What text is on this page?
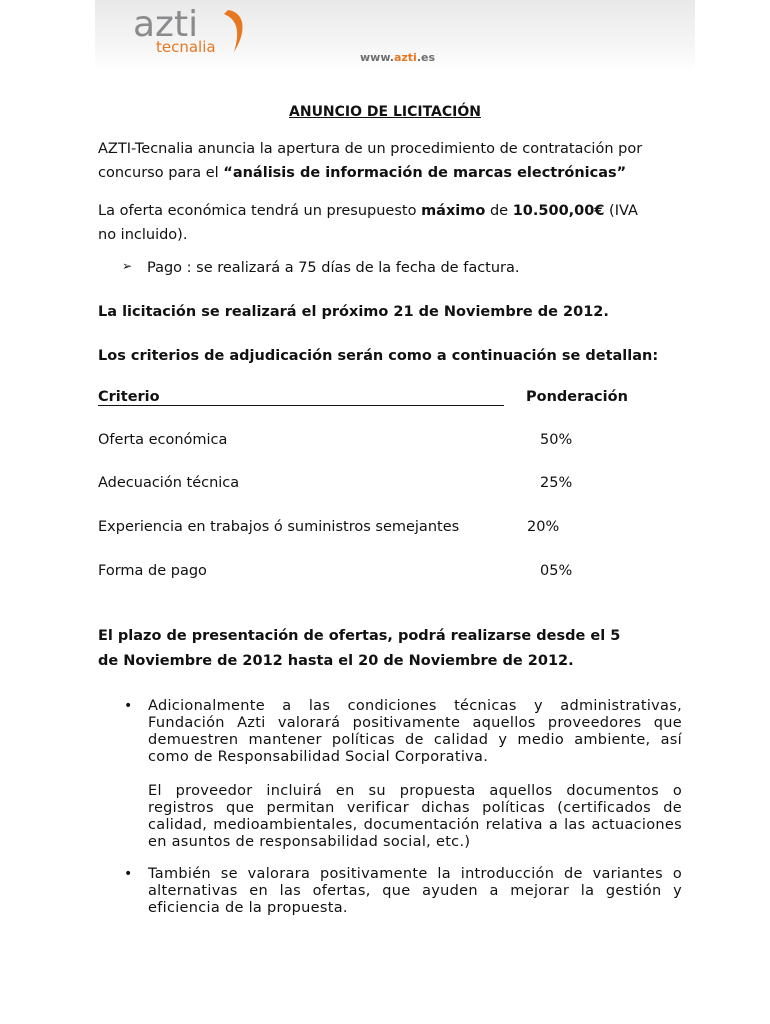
azti
tecnalia
www.azti.es
ANUNCIO DE LICITACIÓN
AZTI-Tecnalia anuncia la apertura de un procedimiento de contratación por
concurso para el “análisis de información de marcas electrónicas”
La oferta económica tendrá un presupuesto máximo de 10.500,00€ (IVA
no incluido).
➢ Pago : se realizará a 75 días de la fecha de factura.
La licitación se realizará el próximo 21 de Noviembre de 2012.
Los criterios de adjudicación serán como a continuación se detallan:
Criterio	Ponderación
Oferta económica	50%
Adecuación técnica	25%
Experiencia en trabajos ó suministros semejantes	20%
Forma de pago	05%
El plazo de presentación de ofertas, podrá realizarse desde el 5
de Noviembre de 2012 hasta el 20 de Noviembre de 2012.
• Adicionalmente a las condiciones técnicas y administrativas,
Fundación Azti valorará positivamente aquellos proveedores que
demuestren mantener políticas de calidad y medio ambiente, así
como de Responsabilidad Social Corporativa.
El proveedor incluirá en su propuesta aquellos documentos o
registros que permitan verificar dichas políticas (certificados de
calidad, medioambientales, documentación relativa a las actuaciones
en asuntos de responsabilidad social, etc.)
• También se valorara positivamente la introducción de variantes o
alternativas en las ofertas, que ayuden a mejorar la gestión y
eficiencia de la propuesta.
